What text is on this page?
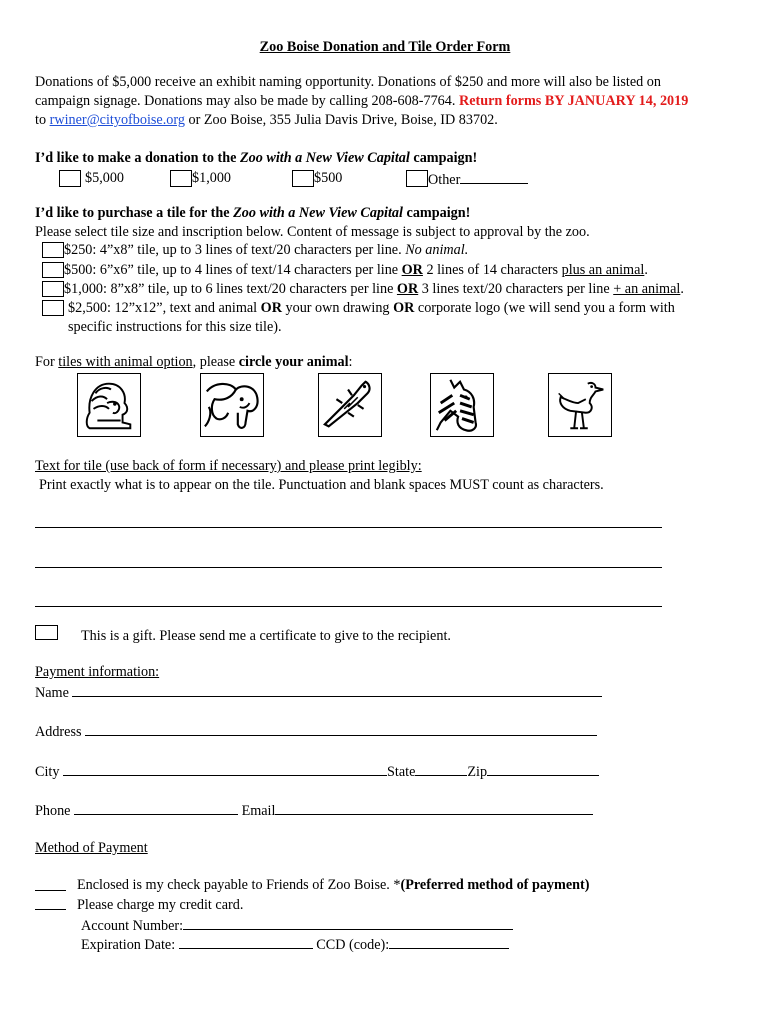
Zoo Boise Donation and Tile Order Form
Donations of $5,000 receive an exhibit naming opportunity. Donations of $250 and more will also be listed on
campaign signage. Donations may also be made by calling 208-608-7764. Return forms BY JANUARY 14, 2019
to rwiner@cityofboise.org or Zoo Boise, 355 Julia Davis Drive, Boise, ID 83702.
I’d like to make a donation to the Zoo with a New View Capital campaign!
$5,000	$1,000	$500	Other
I’d like to purchase a tile for the Zoo with a New View Capital campaign!
Please select tile size and inscription below. Content of message is subject to approval by the zoo.
$250: 4”x8” tile, up to 3 lines of text/20 characters per line. No animal.
$500: 6”x6” tile, up to 4 lines of text/14 characters per line OR 2 lines of 14 characters plus an animal.
$1,000: 8”x8” tile, up to 6 lines text/20 characters per line OR 3 lines text/20 characters per line + an animal.
$2,500: 12”x12”, text and animal OR your own drawing OR corporate logo (we will send you a form with
specific instructions for this size tile).
For tiles with animal option, please circle your animal:
Text for tile (use back of form if necessary) and please print legibly:
Print exactly what is to appear on the tile. Punctuation and blank spaces MUST count as characters.
This is a gift. Please send me a certificate to give to the recipient.
Payment information:
Name
Address
City	State	Zip
Phone	Email
Method of Payment
Enclosed is my check payable to Friends of Zoo Boise. *(Preferred method of payment)
Please charge my credit card.
Account Number:
Expiration Date:	CCD (code):
